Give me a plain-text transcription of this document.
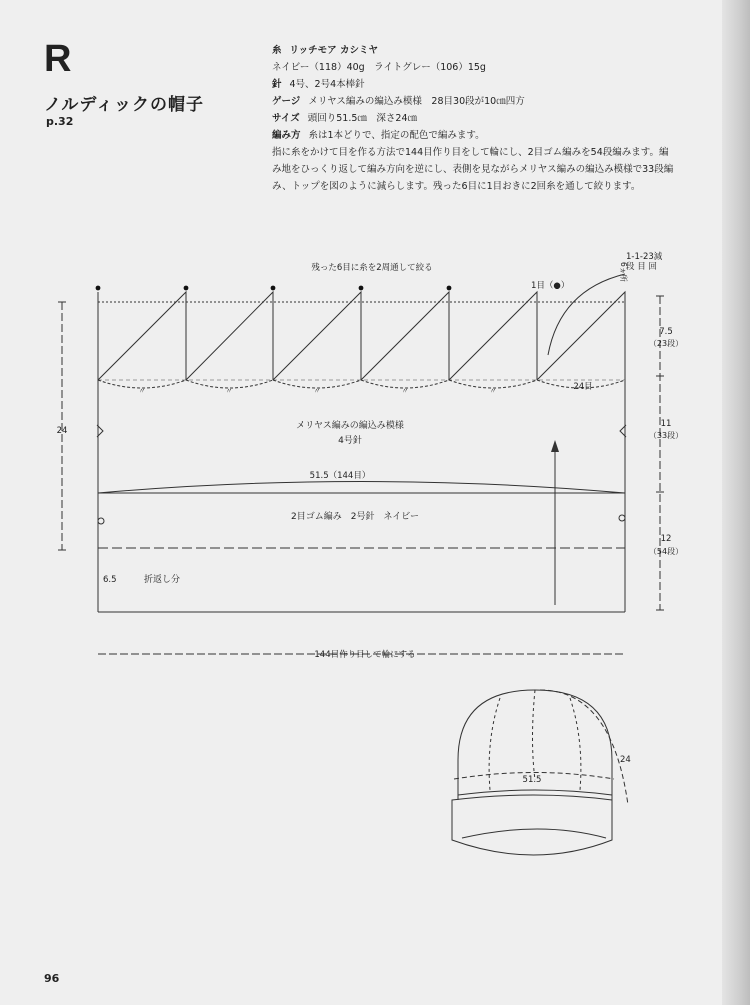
R
ノルディックの帽子
p.32
糸 リッチモア カシミヤ
ネイビー（118）40g　ライトグレー（106）15g
針 4号、2号4本棒針
ゲージ メリヤス編みの編込み模様　28目30段が10㎝四方
サイズ 頭回り51.5㎝　深さ24㎝
編み方 糸は1本どりで、指定の配色で編みます。
指に糸をかけて目を作る方法で144目作り目をして輪にし、2目ゴム編みを54段編みます。編
み地をひっくり返して編み方向を逆にし、表側を見ながらメリヤス編みの編込み模様で33段編
み、トップを図のように減らします。残った6目に1目おきに2回糸を通して絞ります。
残った6目に糸を2周通して絞る
1-1-23減
段 目 回
6ヵ所
1目（●）
〃	〃	〃	〃	〃	24目
メリヤス編みの編込み模様
4号針
51.5（144目）
2目ゴム編み　2号針　ネイビー
6.5	折返し分
144目作り目して輪にする
24
7.5
（23段）
11
（33段）
12
（54段）
51.5
24
96
